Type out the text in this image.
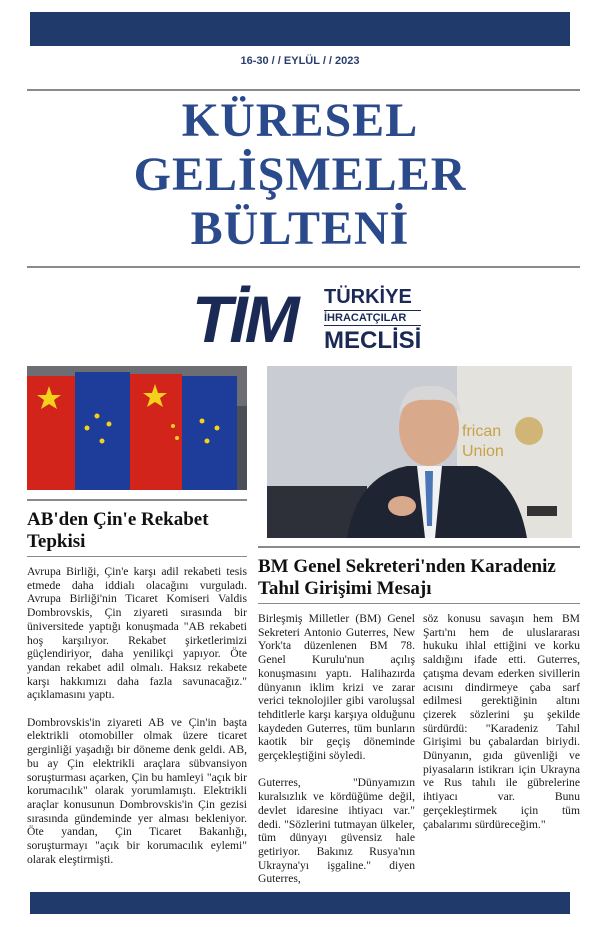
16-30 / / EYLÜL / / 2023
KÜRESEL
GELİŞMELER
BÜLTENİ
TİM TÜRKİYE
İHRACATÇILAR
MECLİSİ
AB'den Çin'e Rekabet Tepkisi

Avrupa Birliği, Çin'e karşı adil rekabeti tesis etmede daha iddialı olacağını vurguladı. Avrupa Birliği'nin Ticaret Komiseri Valdis Dombrovskis, Çin ziyareti sırasında bir üniversitede yaptığı konuşmada "AB rekabeti hoş karşılıyor. Rekabet şirketlerimizi güçlendiriyor, daha yenilikçi yapıyor. Öte yandan rekabet adil olmalı. Haksız rekabete karşı hakkımızı daha fazla savunacağız." açıklamasını yaptı.

Dombrovskis'in ziyareti AB ve Çin'in başta elektrikli otomobiller olmak üzere ticaret gerginliği yaşadığı bir döneme denk geldi. AB, bu ay Çin elektrikli araçlara sübvansiyon soruşturması açarken, Çin bu hamleyi "açık bir korumacılık" olarak yorumlamıştı. Elektrikli araçlar konusunun Dombrovskis'in Çin gezisi sırasında gündeminde yer alması bekleniyor. Öte yandan, Çin Ticaret Bakanlığı, soruşturmayı "açık bir korumacılık eylemi" olarak eleştirmişti.

frican
Union
BM Genel Sekreteri'nden Karadeniz Tahıl Girişimi Mesajı

Birleşmiş Milletler (BM) Genel Sekreteri Antonio Guterres, New York'ta düzenlenen BM 78. Genel Kurulu'nun açılış konuşmasını yaptı. Halihazırda dünyanın iklim krizi ve zarar verici teknolojiler gibi varoluşsal tehditlerle karşı karşıya olduğunu kaydeden Guterres, tüm bunların kaotik bir geçiş döneminde gerçekleştiğini söyledi.

Guterres, "Dünyamızın kuralsızlık ve kördüğüme değil, devlet idaresine ihtiyacı var." dedi. "Sözlerini tutmayan ülkeler, tüm dünyayı güvensiz hale getiriyor. Bakınız Rusya'nın Ukrayna'yı işgaline." diyen Guterres,

söz konusu savaşın hem BM Şartı'nı hem de uluslararası hukuku ihlal ettiğini ve korku saldığını ifade etti. Guterres, çatışma devam ederken sivillerin acısını dindirmeye çaba sarf edilmesi gerektiğinin altını çizerek sözlerini şu şekilde sürdürdü: "Karadeniz Tahıl Girişimi bu çabalardan biriydi. Dünyanın, gıda güvenliği ve piyasaların istikrarı için Ukrayna ve Rus tahılı ile gübrelerine ihtiyacı var. Bunu gerçekleştirmek için tüm çabalarımı sürdüreceğim."
